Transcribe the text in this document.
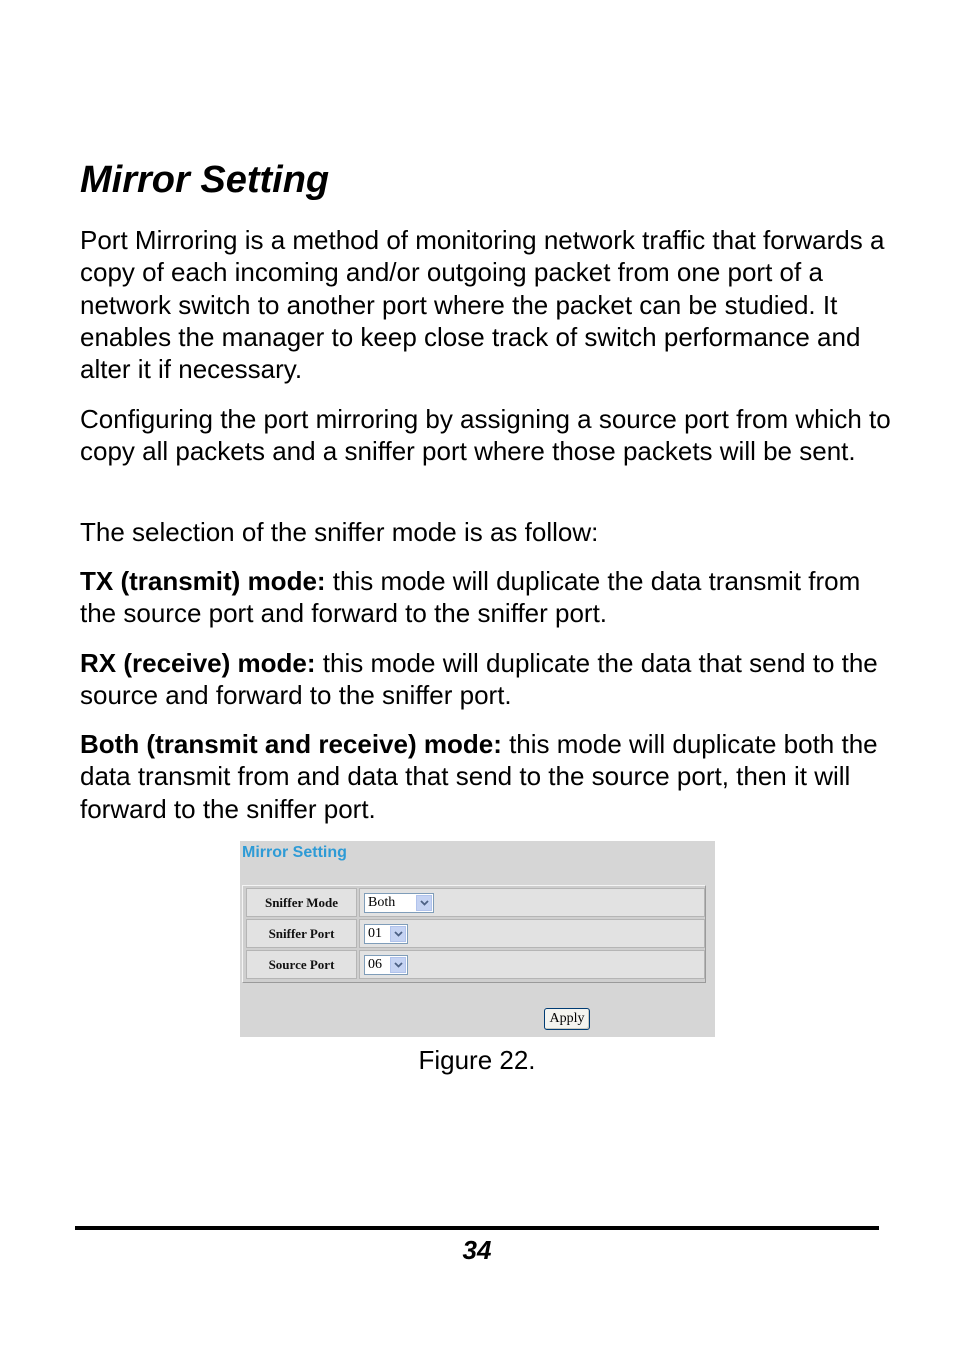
Mirror Setting

Port Mirroring is a method of monitoring network traffic that forwards a copy of each incoming and/or outgoing packet from one port of a network switch to another port where the packet can be studied. It enables the manager to keep close track of switch performance and alter it if necessary.

Configuring the port mirroring by assigning a source port from which to copy all packets and a sniffer port where those packets will be sent.

The selection of the sniffer mode is as follow:

TX (transmit) mode: this mode will duplicate the data transmit from the source port and forward to the sniffer port.

RX (receive) mode: this mode will duplicate the data that send to the source and forward to the sniffer port.

Both (transmit and receive) mode: this mode will duplicate both the data transmit from and data that send to the source port, then it will forward to the sniffer port.

Mirror Setting
Sniffer Mode	Both
Sniffer Port	01
Source Port	06
Apply
Figure 22.
34
